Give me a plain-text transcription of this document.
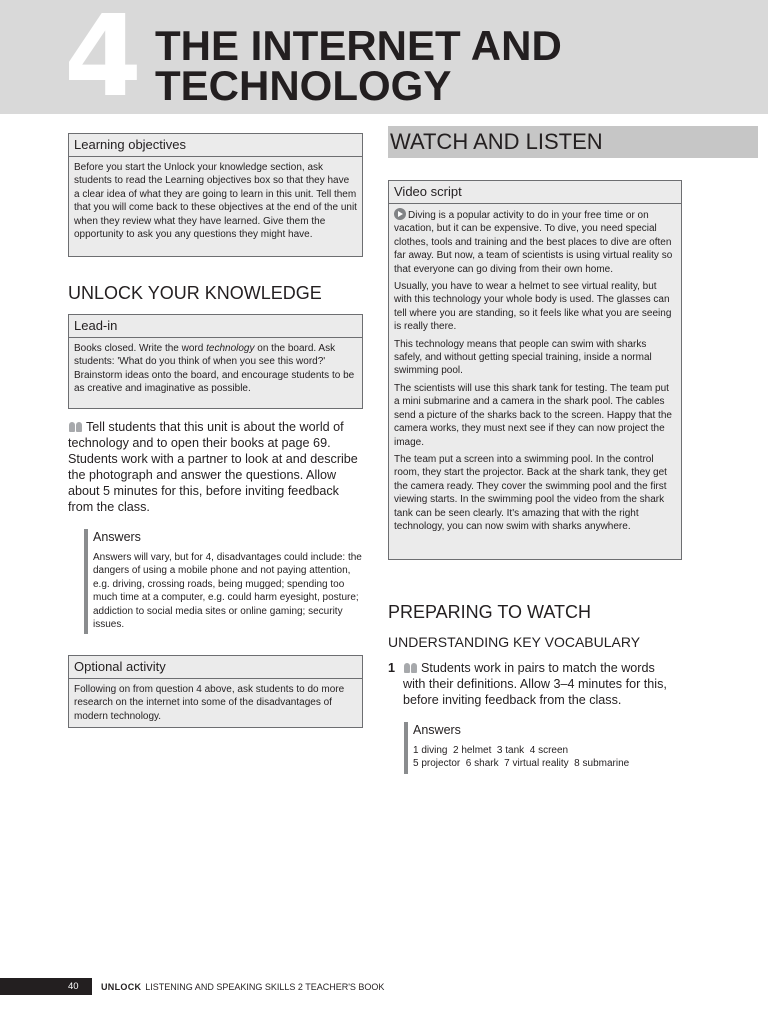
4 THE INTERNET AND
TECHNOLOGY
Learning objectives

Before you start the Unlock your knowledge section, ask students to read the Learning objectives box so that they have a clear idea of what they are going to learn in this unit. Tell them that you will come back to these objectives at the end of the unit when they review what they have learned. Give them the opportunity to ask you any questions they might have.

UNLOCK YOUR KNOWLEDGE
Lead-in

Books closed. Write the word technology on the board. Ask students: 'What do you think of when you see this word?' Brainstorm ideas onto the board, and encourage students to be as creative and imaginative as possible.

Tell students that this unit is about the world of technology and to open their books at page 69. Students work with a partner to look at and describe the photograph and answer the questions. Allow about 5 minutes for this, before inviting feedback from the class.
Answers
Answers will vary, but for 4, disadvantages could include: the dangers of using a mobile phone and not paying attention, e.g. driving, crossing roads, being mugged; spending too much time at a computer, e.g. could harm eyesight, posture; addiction to social media sites or online gaming; security issues.
Optional activity

Following on from question 4 above, ask students to do more research on the internet into some of the disadvantages of modern technology.

WATCH AND LISTEN
Video script

Diving is a popular activity to do in your free time or on vacation, but it can be expensive. To dive, you need special clothes, tools and training and the best places to dive are often far away. But now, a team of scientists is using virtual reality so that everyone can go diving from their own home.

Usually, you have to wear a helmet to see virtual reality, but with this technology your whole body is used. The glasses can tell where you are standing, so it feels like what you are seeing is really there.

This technology means that people can swim with sharks safely, and without getting special training, inside a normal swimming pool.

The scientists will use this shark tank for testing. The team put a mini submarine and a camera in the shark pool. The cables send a picture of the sharks back to the screen. Happy that the camera works, they must next see if they can now project the image.

The team put a screen into a swimming pool. In the control room, they start the projector. Back at the shark tank, they get the camera ready. They cover the swimming pool and the first viewing starts. In the swimming pool the video from the shark tank can be seen clearly. It's amazing that with the right technology, you can now swim with sharks anywhere.

PREPARING TO WATCH
UNDERSTANDING KEY VOCABULARY
1	Students work in pairs to match the words with their definitions. Allow 3–4 minutes for this, before inviting feedback from the class.
Answers
1 diving  2 helmet  3 tank  4 screen
5 projector  6 shark  7 virtual reality  8 submarine
40 UNLOCK LISTENING AND SPEAKING SKILLS 2 TEACHER'S BOOK
